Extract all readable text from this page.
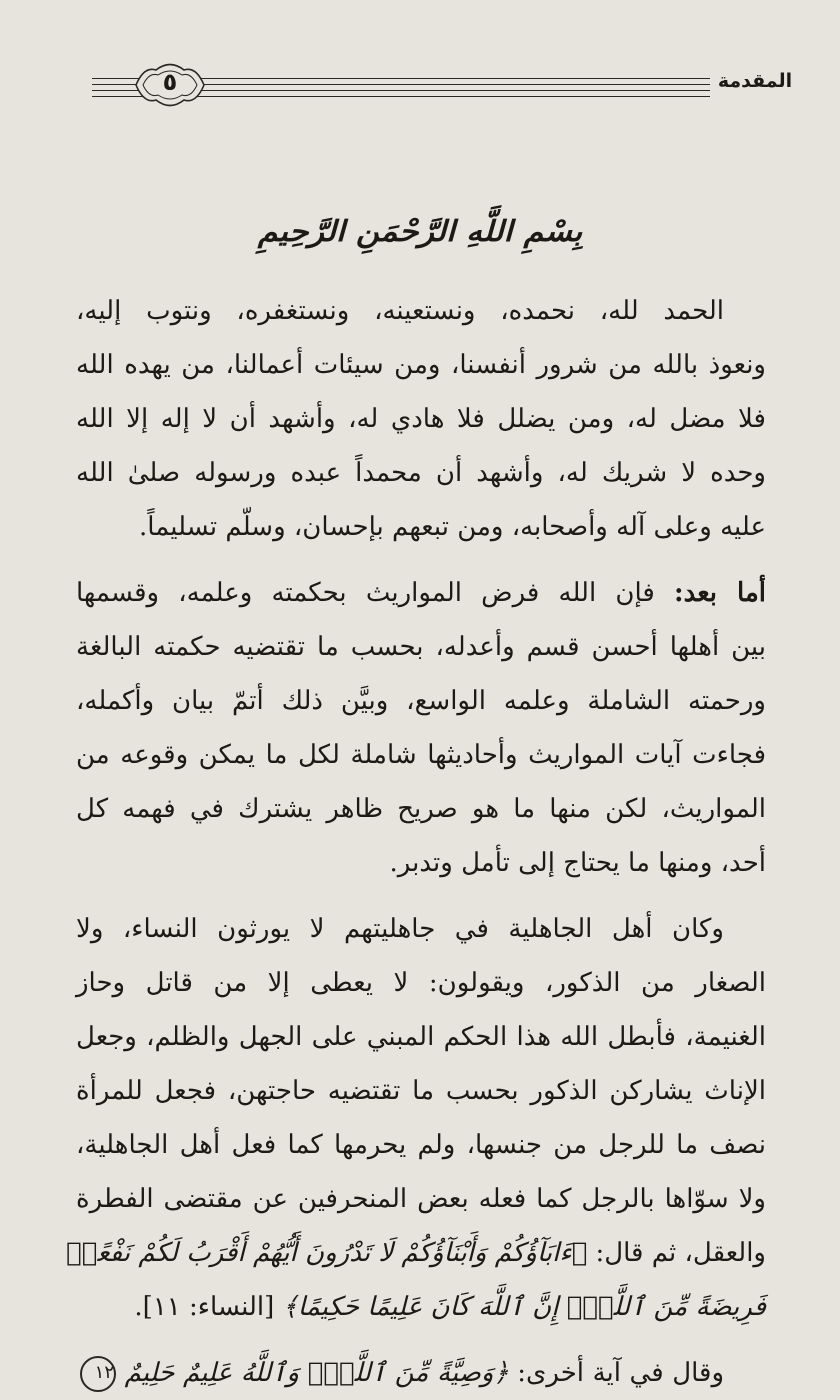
المقدمة
٥
بِسْمِ اللَّهِ الرَّحْمَنِ الرَّحِيمِ
الحمد لله، نحمده، ونستعينه، ونستغفره، ونتوب إليه،
ونعوذ بالله من شرور أنفسنا، ومن سيئات أعمالنا، من يهده الله
فلا مضل له، ومن يضلل فلا هادي له، وأشهد أن لا إله إلا الله
وحده لا شريك له، وأشهد أن محمداً عبده ورسوله صلىٰ الله
عليه وعلى آله وأصحابه، ومن تبعهم بإحسان، وسلّم تسليماً.
أما بعد: فإن الله فرض المواريث بحكمته وعلمه، وقسمها
بين أهلها أحسن قسم وأعدله، بحسب ما تقتضيه حكمته البالغة
ورحمته الشاملة وعلمه الواسع، وبيَّن ذلك أتمّ بيان وأكمله،
فجاءت آيات المواريث وأحاديثها شاملة لكل ما يمكن وقوعه من
المواريث، لكن منها ما هو صريح ظاهر يشترك في فهمه كل
أحد، ومنها ما يحتاج إلى تأمل وتدبر.
وكان أهل الجاهلية في جاهليتهم لا يورثون النساء، ولا
الصغار من الذكور، ويقولون: لا يعطى إلا من قاتل وحاز
الغنيمة، فأبطل الله هذا الحكم المبني على الجهل والظلم، وجعل
الإناث يشاركن الذكور بحسب ما تقتضيه حاجتهن، فجعل للمرأة
نصف ما للرجل من جنسها، ولم يحرمها كما فعل أهل الجاهلية،
ولا سوّاها بالرجل كما فعله بعض المنحرفين عن مقتضى الفطرة
والعقل، ثم قال: ﴿ءَابَآؤُكُمْ وَأَبْنَآؤُكُمْ لَا تَدْرُونَ أَيُّهُمْ أَقْرَبُ لَكُمْ نَفْعًاۚ
فَرِيضَةً مِّنَ ٱللَّهِۗ إِنَّ ٱللَّهَ كَانَ عَلِيمًا حَكِيمًا﴾ [النساء: ١١].
وقال في آية أخرى: ﴿وَصِيَّةً مِّنَ ٱللَّهِۗ وَٱللَّهُ عَلِيمٌ حَلِيمٌ ١٢
